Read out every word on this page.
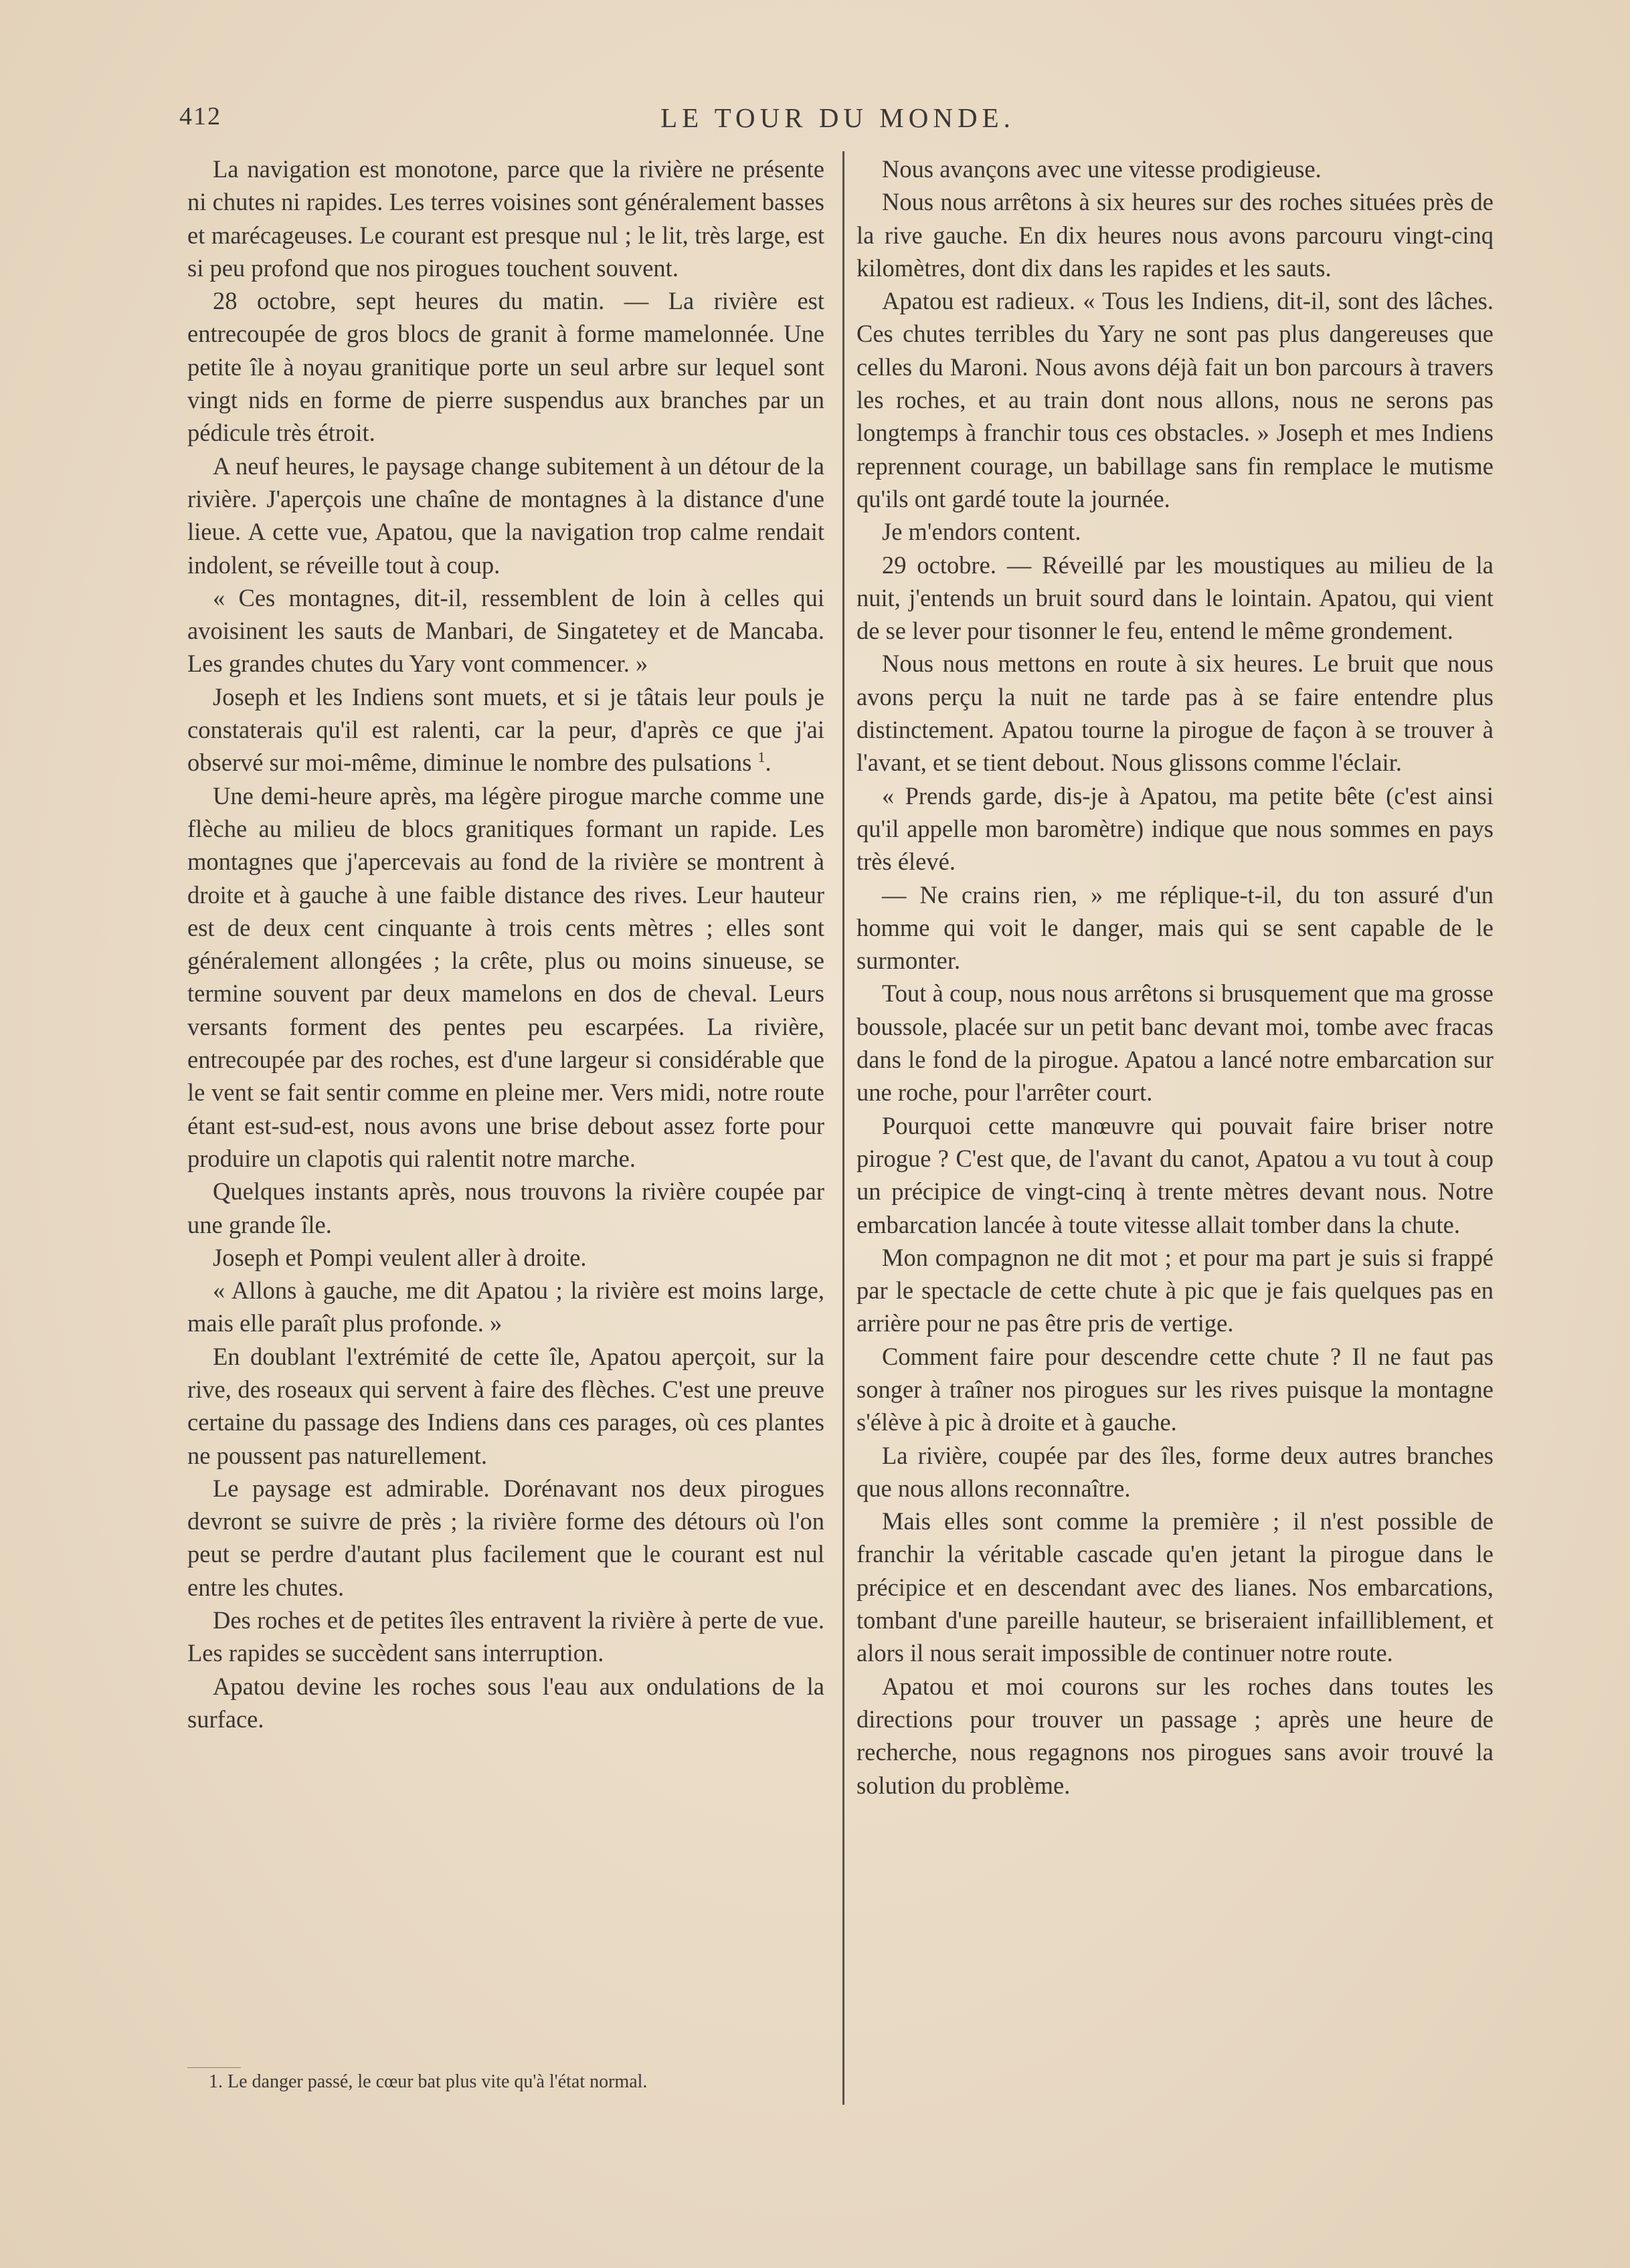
412	LE TOUR DU MONDE.

La navigation est monotone, parce que la rivière ne présente ni chutes ni rapides. Les terres voisines sont généralement basses et marécageuses. Le courant est presque nul ; le lit, très large, est si peu profond que nos pirogues touchent souvent.

28 octobre, sept heures du matin. — La rivière est entrecoupée de gros blocs de granit à forme mamelonnée. Une petite île à noyau granitique porte un seul arbre sur lequel sont vingt nids en forme de pierre suspendus aux branches par un pédicule très étroit.

A neuf heures, le paysage change subitement à un détour de la rivière. J'aperçois une chaîne de montagnes à la distance d'une lieue. A cette vue, Apatou, que la navigation trop calme rendait indolent, se réveille tout à coup.

« Ces montagnes, dit-il, ressemblent de loin à celles qui avoisinent les sauts de Manbari, de Singatetey et de Mancaba. Les grandes chutes du Yary vont commencer. »

Joseph et les Indiens sont muets, et si je tâtais leur pouls je constaterais qu'il est ralenti, car la peur, d'après ce que j'ai observé sur moi-même, diminue le nombre des pulsations $^1$.

Une demi-heure après, ma légère pirogue marche comme une flèche au milieu de blocs granitiques formant un rapide. Les montagnes que j'apercevais au fond de la rivière se montrent à droite et à gauche à une faible distance des rives. Leur hauteur est de deux cent cinquante à trois cents mètres ; elles sont généralement allongées ; la crête, plus ou moins sinueuse, se termine souvent par deux mamelons en dos de cheval. Leurs versants forment des pentes peu escarpées. La rivière, entrecoupée par des roches, est d'une largeur si considérable que le vent se fait sentir comme en pleine mer. Vers midi, notre route étant est-sud-est, nous avons une brise debout assez forte pour produire un clapotis qui ralentit notre marche.

Quelques instants après, nous trouvons la rivière coupée par une grande île.

Joseph et Pompi veulent aller à droite.

« Allons à gauche, me dit Apatou ; la rivière est moins large, mais elle paraît plus profonde. »

En doublant l'extrémité de cette île, Apatou aperçoit, sur la rive, des roseaux qui servent à faire des flèches. C'est une preuve certaine du passage des Indiens dans ces parages, où ces plantes ne poussent pas naturellement.

Le paysage est admirable. Dorénavant nos deux pirogues devront se suivre de près ; la rivière forme des détours où l'on peut se perdre d'autant plus facilement que le courant est nul entre les chutes.

Des roches et de petites îles entravent la rivière à perte de vue. Les rapides se succèdent sans interruption.

Apatou devine les roches sous l'eau aux ondulations de la surface.

Nous avançons avec une vitesse prodigieuse.

Nous nous arrêtons à six heures sur des roches situées près de la rive gauche. En dix heures nous avons parcouru vingt-cinq kilomètres, dont dix dans les rapides et les sauts.

Apatou est radieux. « Tous les Indiens, dit-il, sont des lâches. Ces chutes terribles du Yary ne sont pas plus dangereuses que celles du Maroni. Nous avons déjà fait un bon parcours à travers les roches, et au train dont nous allons, nous ne serons pas longtemps à franchir tous ces obstacles. » Joseph et mes Indiens reprennent courage, un babillage sans fin remplace le mutisme qu'ils ont gardé toute la journée.

Je m'endors content.

29 octobre. — Réveillé par les moustiques au milieu de la nuit, j'entends un bruit sourd dans le lointain. Apatou, qui vient de se lever pour tisonner le feu, entend le même grondement.

Nous nous mettons en route à six heures. Le bruit que nous avons perçu la nuit ne tarde pas à se faire entendre plus distinctement. Apatou tourne la pirogue de façon à se trouver à l'avant, et se tient debout. Nous glissons comme l'éclair.

« Prends garde, dis-je à Apatou, ma petite bête (c'est ainsi qu'il appelle mon baromètre) indique que nous sommes en pays très élevé.

— Ne crains rien, » me réplique-t-il, du ton assuré d'un homme qui voit le danger, mais qui se sent capable de le surmonter.

Tout à coup, nous nous arrêtons si brusquement que ma grosse boussole, placée sur un petit banc devant moi, tombe avec fracas dans le fond de la pirogue. Apatou a lancé notre embarcation sur une roche, pour l'arrêter court.

Pourquoi cette manœuvre qui pouvait faire briser notre pirogue ? C'est que, de l'avant du canot, Apatou a vu tout à coup un précipice de vingt-cinq à trente mètres devant nous. Notre embarcation lancée à toute vitesse allait tomber dans la chute.

Mon compagnon ne dit mot ; et pour ma part je suis si frappé par le spectacle de cette chute à pic que je fais quelques pas en arrière pour ne pas être pris de vertige.

Comment faire pour descendre cette chute ? Il ne faut pas songer à traîner nos pirogues sur les rives puisque la montagne s'élève à pic à droite et à gauche.

La rivière, coupée par des îles, forme deux autres branches que nous allons reconnaître.

Mais elles sont comme la première ; il n'est possible de franchir la véritable cascade qu'en jetant la pirogue dans le précipice et en descendant avec des lianes. Nos embarcations, tombant d'une pareille hauteur, se briseraient infailliblement, et alors il nous serait impossible de continuer notre route.

Apatou et moi courons sur les roches dans toutes les directions pour trouver un passage ; après une heure de recherche, nous regagnons nos pirogues sans avoir trouvé la solution du problème.

1. Le danger passé, le cœur bat plus vite qu'à l'état normal.
